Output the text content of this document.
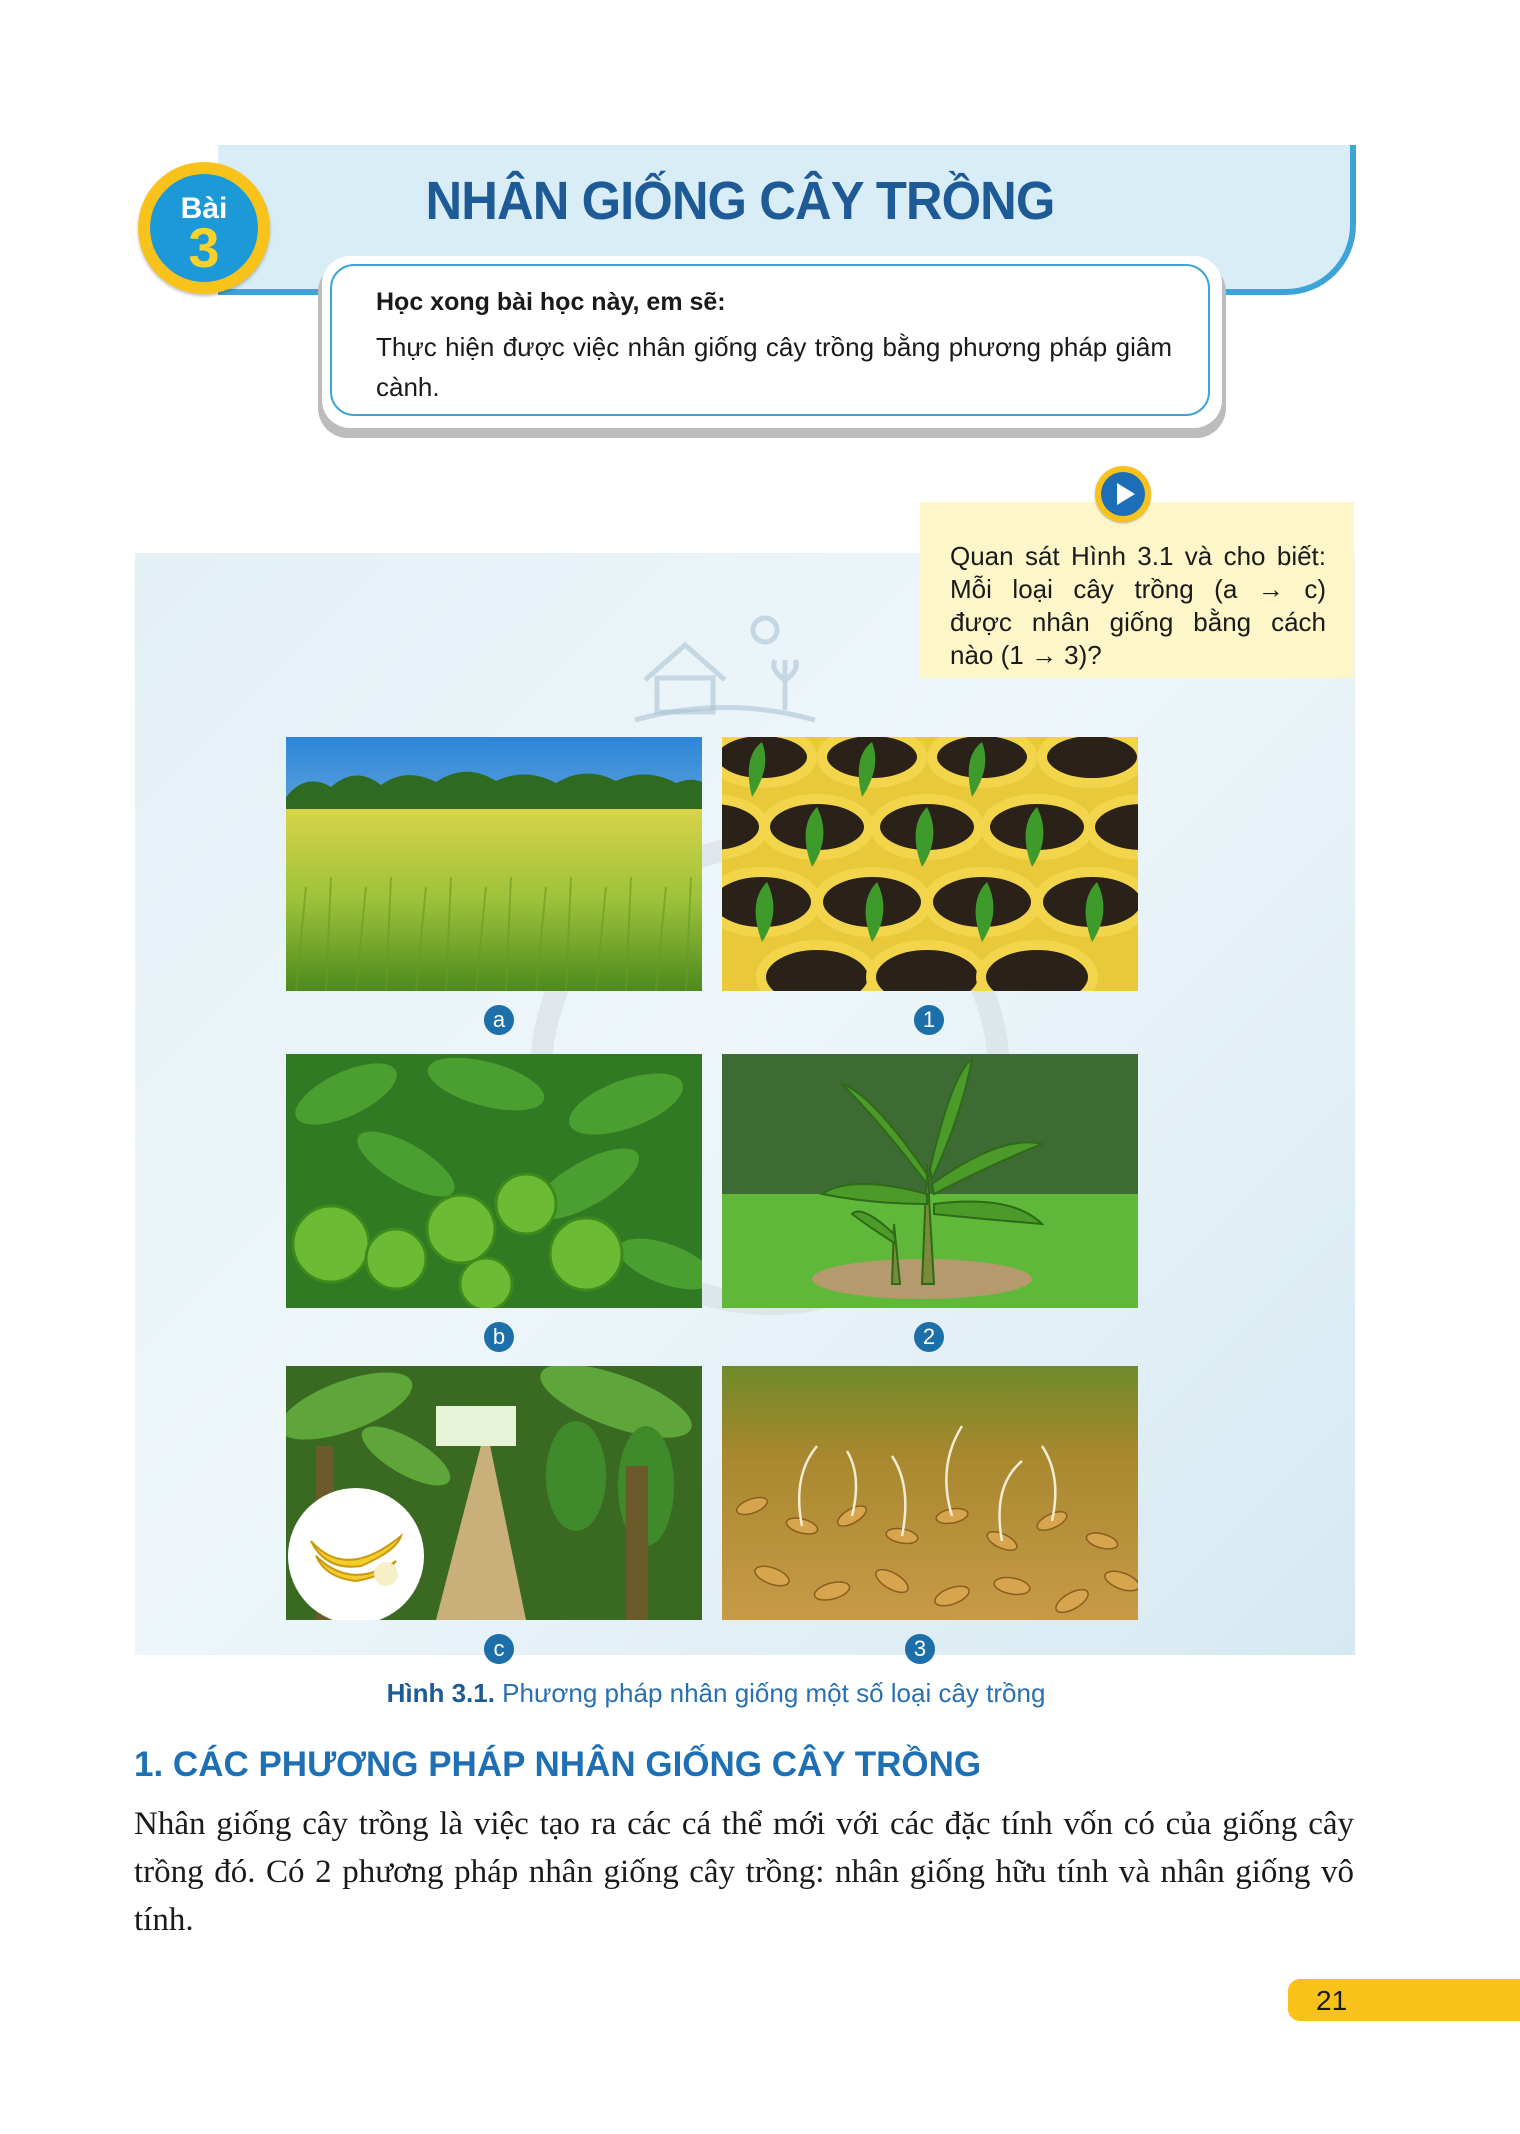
NHÂN GIỐNG CÂY TRỒNG
Bài
3
Học xong bài học này, em sẽ:
Thực hiện được việc nhân giống cây trồng bằng phương pháp giâm cành.
Quan sát Hình 3.1 và cho biết:
Mỗi loại cây trồng (a → c)
được nhân giống bằng cách
nào (1 → 3)?
a	1
b	2
c	3
Hình 3.1. Phương pháp nhân giống một số loại cây trồng
1. CÁC PHƯƠNG PHÁP NHÂN GIỐNG CÂY TRỒNG
Nhân giống cây trồng là việc tạo ra các cá thể mới với các đặc tính vốn có của giống cây trồng đó. Có 2 phương pháp nhân giống cây trồng: nhân giống hữu tính và nhân giống vô tính.
21
